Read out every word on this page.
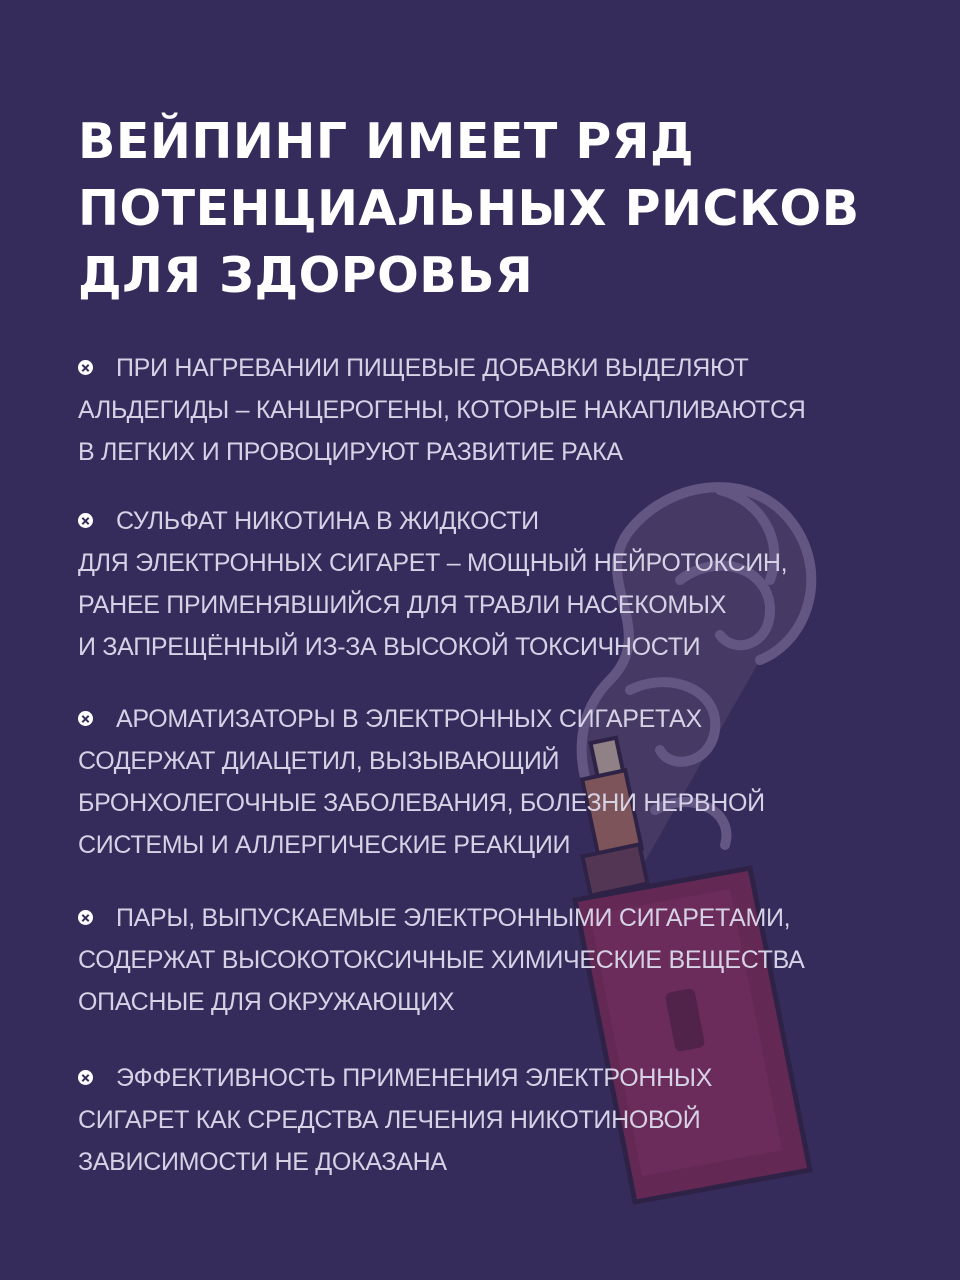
ВЕЙПИНГ ИМЕЕТ РЯД
ПОТЕНЦИАЛЬНЫХ РИСКОВ
ДЛЯ ЗДОРОВЬЯ
ПРИ НАГРЕВАНИИ ПИЩЕВЫЕ ДОБАВКИ ВЫДЕЛЯЮТ
АЛЬДЕГИДЫ – КАНЦЕРОГЕНЫ, КОТОРЫЕ НАКАПЛИВАЮТСЯ
В ЛЕГКИХ И ПРОВОЦИРУЮТ РАЗВИТИЕ РАКА
СУЛЬФАТ НИКОТИНА В ЖИДКОСТИ
ДЛЯ ЭЛЕКТРОННЫХ СИГАРЕТ – МОЩНЫЙ НЕЙРОТОКСИН,
РАНЕЕ ПРИМЕНЯВШИЙСЯ ДЛЯ ТРАВЛИ НАСЕКОМЫХ
И ЗАПРЕЩЁННЫЙ ИЗ-ЗА ВЫСОКОЙ ТОКСИЧНОСТИ
АРОМАТИЗАТОРЫ В ЭЛЕКТРОННЫХ СИГАРЕТАХ
СОДЕРЖАТ ДИАЦЕТИЛ, ВЫЗЫВАЮЩИЙ
БРОНХОЛЕГОЧНЫЕ ЗАБОЛЕВАНИЯ, БОЛЕЗНИ НЕРВНОЙ
СИСТЕМЫ И АЛЛЕРГИЧЕСКИЕ РЕАКЦИИ
ПАРЫ, ВЫПУСКАЕМЫЕ ЭЛЕКТРОННЫМИ СИГАРЕТАМИ,
СОДЕРЖАТ ВЫСОКОТОКСИЧНЫЕ ХИМИЧЕСКИЕ ВЕЩЕСТВА
ОПАСНЫЕ ДЛЯ ОКРУЖАЮЩИХ
ЭФФЕКТИВНОСТЬ ПРИМЕНЕНИЯ ЭЛЕКТРОННЫХ
СИГАРЕТ КАК СРЕДСТВА ЛЕЧЕНИЯ НИКОТИНОВОЙ
ЗАВИСИМОСТИ НЕ ДОКАЗАНА
